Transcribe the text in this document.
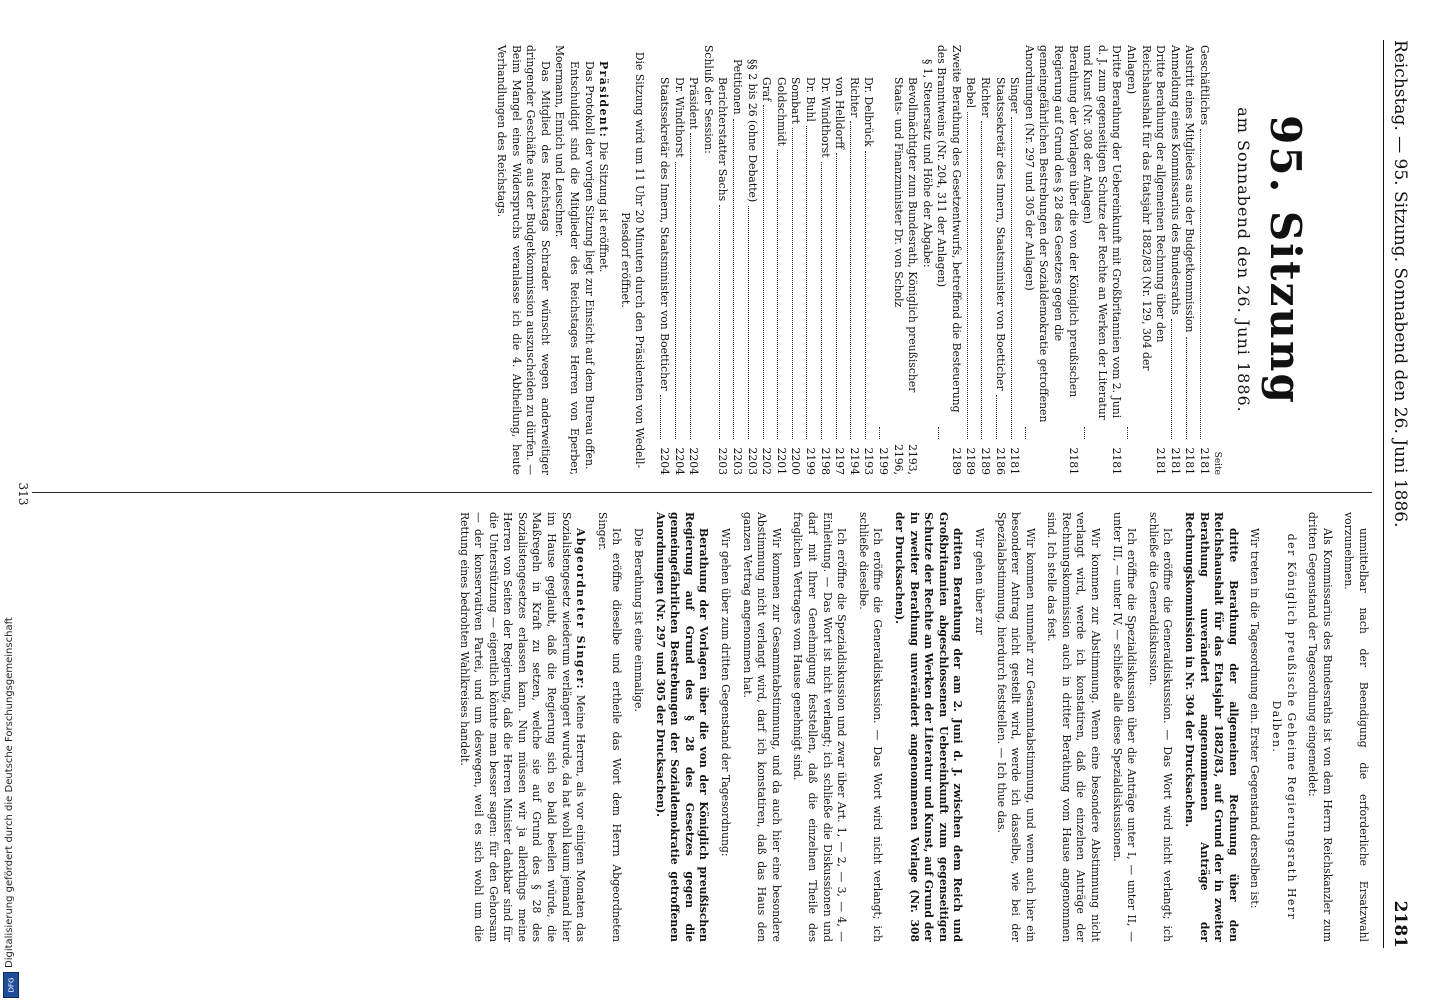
Reichstag. — 95. Sitzung. Sonnabend den 26. Juni 1886.
2181
95. Sitzung
am Sonnabend den 26. Juni 1886.
Seite
Geschäftliches
2181
Austritt eines Mitgliedes aus der Budgetkommission
2181
Anmeldung eines Kommissarius des Bundesraths
2181
Dritte Berathung der allgemeinen Rechnung über den Reichshaushalt für das Etatsjahr 1882/83 (Nr. 129, 304 der Anlagen)
2181
Dritte Berathung der Uebereinkunft mit Großbritannien vom 2. Juni d. J. zum gegenseitigen Schutze der Rechte an Werken der Literatur und Kunst (Nr. 308 der Anlagen)
2181
Berathung der Vorlagen über die von der Königlich preußischen Regierung auf Grund des § 28 des Gesetzes gegen die gemeingefährlichen Bestrebungen der Sozialdemokratie getroffenen Anordnungen (Nr. 297 und 305 der Anlagen)
2181
Singer
2181
Staatssekretär des Innern, Staatsminister von Boetticher
2186
Richter
2189
Bebel
2189
Zweite Berathung des Gesetzentwurfs, betreffend die Besteuerung des Branntweins (Nr. 204, 311 der Anlagen)
2189
§ 1, Steuersatz und Höhe der Abgabe:
Bevollmächtigter zum Bundesrath, Königlich preußischer Staats- und Finanzminister Dr. von Scholz
2193, 2196, 2199
Dr. Delbrück
2193
Richter
2194
von Helldorff
2197
Dr. Windthorst
2198
Dr. Buhl
2199
Sombart
2200
Goldschmidt
2201
Graf
2202
§§ 2 bis 26 (ohne Debatte)
2203
Petitionen
2203
Berichterstatter Sachs
2203
Schluß der Session:
Präsident
2204
Dr. Windthorst
2204
Staatssekretär des Innern, Staatsminister von Boetticher
2204

Die Sitzung wird um 11 Uhr 20 Minuten durch den Präsidenten von Wedell-Piesdorf eröffnet.

Präsident: Die Sitzung ist eröffnet.

Das Protokoll der vorigen Sitzung liegt zur Einsicht auf dem Bureau offen.

Entschuldigt sind die Mitglieder des Reichstages Herren von Eperber, Moermann, Ennich und Leuschner.

Das Mitglied des Reichstags Schrader wünscht wegen anderweitiger dringender Geschäfte aus der Budgetkommission auszuscheiden zu dürfen. — Beim Mangel eines Widerspruchs veranlasse ich die 4. Abtheilung, heute Verhandlungen des Reichstags.

unmittelbar nach der Beendigung die erforderliche Ersatzwahl vorzunehmen.

Als Kommissarius des Bundesraths ist von dem Herrn Reichskanzler zum dritten Gegenstand der Tagesordnung eingemeldet:

der Königlich preußische Geheime Regierungsrath Herr Dalben.

Wir treten in die Tagesordnung ein. Erster Gegenstand derselben ist:

dritte Berathung der allgemeinen Rechnung über den Reichshaushalt für das Etatsjahr 1882/83, auf Grund der in zweiter Berathung unverändert angenommenen Anträge der Rechnungskommission in Nr. 304 der Drucksachen.

Ich eröffne die Generaldiskussion. — Das Wort wird nicht verlangt; ich schließe die Generaldiskussion.

Ich eröffne die Spezialdiskussion über die Anträge unter I, — unter II, — unter III, — unter IV, — schließe alle diese Spezialdiskussionen.

Wir kommen zur Abstimmung. Wenn eine besondere Abstimmung nicht verlangt wird, werde ich konstatiren, daß die einzelnen Anträge der Rechnungskommission auch in dritter Berathung vom Hause angenommen sind. Ich stelle das fest.

Wir kommen nunmehr zur Gesammtabstimmung, und wenn auch hier ein besonderer Antrag nicht gestellt wird, werde ich dasselbe, wie bei der Spezialabstimmung, hierdurch feststellen. — Ich thue das.

Wir gehen über zur

dritten Berathung der am 2. Juni d. J. zwischen dem Reich und Großbritannien abgeschlossenen Uebereinkunft zum gegenseitigen Schutze der Rechte an Werken der Literatur und Kunst, auf Grund der in zweiter Berathung unverändert angenommenen Vorlage (Nr. 308 der Drucksachen).

Ich eröffne die Generaldiskussion. — Das Wort wird nicht verlangt; ich schließe dieselbe.

Ich eröffne die Spezialdiskussion und zwar über Art. 1, — 2, — 3, — 4, — Einleitung. — Das Wort ist nicht verlangt; ich schließe die Diskussionen und darf mit Ihrer Genehmigung feststellen, daß die einzelnen Theile des fraglichen Vertrages vom Hause genehmigt sind.

Wir kommen zur Gesammtabstimmung, und da auch hier eine besondere Abstimmung nicht verlangt wird, darf ich konstatiren, daß das Haus den ganzen Vertrag angenommen hat.

Wir gehen über zum dritten Gegenstand der Tagesordnung:

Berathung der Vorlagen über die von der Königlich preußischen Regierung auf Grund des § 28 des Gesetzes gegen die gemeingefährlichen Bestrebungen der Sozialdemokratie getroffenen Anordnungen (Nr. 297 und 305 der Drucksachen).

Die Berathung ist eine einmalige.

Ich eröffne dieselbe und ertheile das Wort dem Herrn Abgeordneten Singer.

Abgeordneter Singer: Meine Herren, als vor einigen Monaten das Sozialistengesetz wiederum verlängert wurde, da hat wohl kaum jemand hier im Hause geglaubt, daß die Regierung sich so bald beeilen würde, die Maßregeln in Kraft zu setzen, welche sie auf Grund des § 28 des Sozialistengesetzes erlassen kann. Nun müssen wir ja allerdings meine Herren von Seiten der Regierung, daß die Herren Minister dankbar sind für die Unterstützung — eigentlich könnte man besser sagen: für den Gehorsam — der konservativen Partei, und um deswegen, weil es sich wohl um die Rettung eines bedrohten Wahlkreises handelt.

313
Digitalisierung gefördert durch die Deutsche Forschungsgemeinschaft
DFG
